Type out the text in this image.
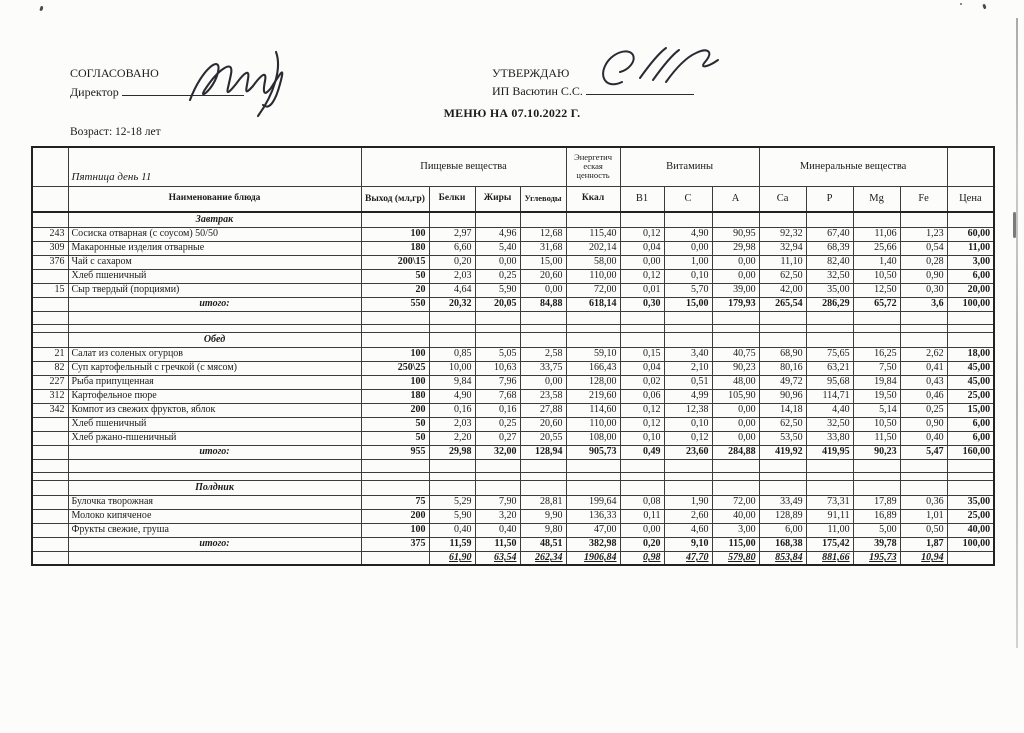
СОГЛАСОВАНО
Директор
УТВЕРЖДАЮ
ИП Васютин С.С.
МЕНЮ НА 07.10.2022 Г.
Возраст: 12-18 лет
	Пятница день 11	Пищевые вещества				Энергетич еская ценность	Витамины			Минеральные вещества				
	Наименование блюда	Выход (мл,гр)	Белки	Жиры	Углеводы	Ккал	B1	C	A	Ca	P	Mg	Fe	Цена
	Завтрак													
243	Сосиска отварная (с соусом) 50/50	100	2,97	4,96	12,68	115,40	0,12	4,90	90,95	92,32	67,40	11,06	1,23	60,00
309	Макаронные изделия отварные	180	6,60	5,40	31,68	202,14	0,04	0,00	29,98	32,94	68,39	25,66	0,54	11,00
376	Чай с сахаром	200\15	0,20	0,00	15,00	58,00	0,00	1,00	0,00	11,10	82,40	1,40	0,28	3,00
	Хлеб пшеничный	50	2,03	0,25	20,60	110,00	0,12	0,10	0,00	62,50	32,50	10,50	0,90	6,00
15	Сыр твердый (порциями)	20	4,64	5,90	0,00	72,00	0,01	5,70	39,00	42,00	35,00	12,50	0,30	20,00
	итого:	550	20,32	20,05	84,88	618,14	0,30	15,00	179,93	265,54	286,29	65,72	3,6	100,00

	Обед													
21	Салат из соленых огурцов	100	0,85	5,05	2,58	59,10	0,15	3,40	40,75	68,90	75,65	16,25	2,62	18,00
82	Суп картофельный с гречкой (с мясом)	250\25	10,00	10,63	33,75	166,43	0,04	2,10	90,23	80,16	63,21	7,50	0,41	45,00
227	Рыба припущенная	100	9,84	7,96	0,00	128,00	0,02	0,51	48,00	49,72	95,68	19,84	0,43	45,00
312	Картофельное пюре	180	4,90	7,68	23,58	219,60	0,06	4,99	105,90	90,96	114,71	19,50	0,46	25,00
342	Компот из свежих фруктов, яблок	200	0,16	0,16	27,88	114,60	0,12	12,38	0,00	14,18	4,40	5,14	0,25	15,00
	Хлеб пшеничный	50	2,03	0,25	20,60	110,00	0,12	0,10	0,00	62,50	32,50	10,50	0,90	6,00
	Хлеб ржано-пшеничный	50	2,20	0,27	20,55	108,00	0,10	0,12	0,00	53,50	33,80	11,50	0,40	6,00
	итого:	955	29,98	32,00	128,94	905,73	0,49	23,60	284,88	419,92	419,95	90,23	5,47	160,00

	Полдник													
	Булочка творожная	75	5,29	7,90	28,81	199,64	0,08	1,90	72,00	33,49	73,31	17,89	0,36	35,00
	Молоко кипяченое	200	5,90	3,20	9,90	136,33	0,11	2,60	40,00	128,89	91,11	16,89	1,01	25,00
	Фрукты свежие, груша	100	0,40	0,40	9,80	47,00	0,00	4,60	3,00	6,00	11,00	5,00	0,50	40,00
	итого:	375	11,59	11,50	48,51	382,98	0,20	9,10	115,00	168,38	175,42	39,78	1,87	100,00
			61,90	63,54	262,34	1906,84	0,98	47,70	579,80	853,84	881,66	195,73	10,94	
